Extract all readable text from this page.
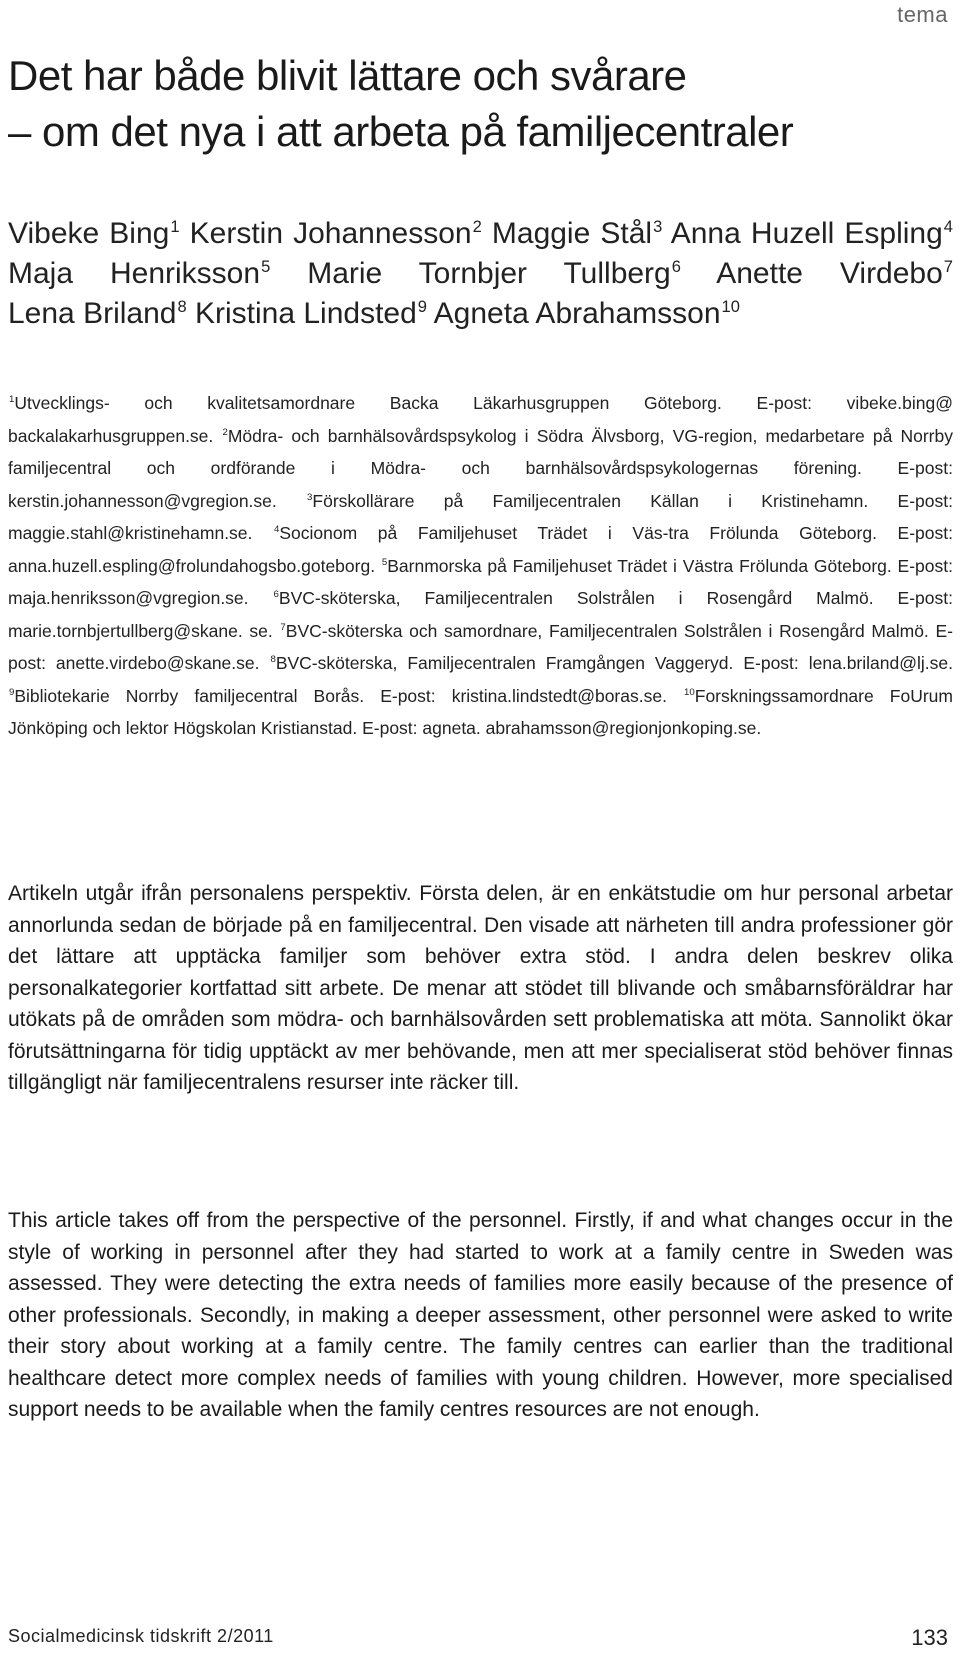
tema
Det har både blivit lättare och svårare
– om det nya i att arbeta på familjecentraler
Vibeke Bing$^1$ Kerstin Johannesson$^2$ Maggie Stål$^3$ Anna Huzell Espling$^4$ Maja Henriksson$^5$ Marie Tornbjer Tullberg$^6$ Anette Virdebo$^7$ Lena Briland$^8$ Kristina Lindsted$^9$ Agneta Abrahamsson$^{10}$
$^1$Utvecklings- och kvalitetsamordnare Backa Läkarhusgruppen Göteborg. E-post: vibeke.bing@ backalakarhusgruppen.se. $^2$Mödra- och barnhälsovårdspsykolog i Södra Älvsborg, VG-region, medarbetare på Norrby familjecentral och ordförande i Mödra- och barnhälsovårdspsykologernas förening. E-post: kerstin.johannesson@vgregion.se.	$^3$Förskollärare på Familjecentralen Källan i Kristinehamn. E-post: maggie.stahl@kristinehamn.se. $^4$Socionom på Familjehuset Trädet i Väs-tra Frölunda Göteborg. E-post: anna.huzell.espling@frolundahogsbo.goteborg. $^5$Barnmorska på Familjehuset Trädet i Västra Frölunda Göteborg. E-post: maja.henriksson@vgregion.se.	$^6$BVC-sköterska, Familjecentralen Solstrålen i Rosengård Malmö. E-post: marie.tornbjertullberg@skane. se. $^7$BVC-sköterska och samordnare, Familjecentralen Solstrålen i Rosengård Malmö. E-post: anette.virdebo@skane.se. $^8$BVC-sköterska, Familjecentralen Framgången Vaggeryd. E-post: lena.briland@lj.se. $^9$Bibliotekarie Norrby familjecentral Borås. E-post: kristina.lindstedt@boras.se. $^{10}$Forskningssamordnare FoUrum Jönköping och lektor Högskolan Kristianstad. E-post: agneta. abrahamsson@regionjonkoping.se.

Artikeln utgår ifrån personalens perspektiv. Första delen, är en enkätstudie om hur personal arbetar annorlunda sedan de började på en familjecentral. Den visade att närheten till andra professioner gör det lättare att upptäcka familjer som behöver extra stöd. I andra delen beskrev olika personalkategorier kortfattad sitt arbete. De menar att stödet till blivande och småbarnsföräldrar har utökats på de områden som mödra- och barnhälsovården sett problematiska att möta. Sannolikt ökar förutsättningarna för tidig upptäckt av mer behövande, men att mer specialiserat stöd behöver finnas tillgängligt när familjecentralens resurser inte räcker till.

This article takes off from the perspective of the personnel. Firstly, if and what changes occur in the style of working in personnel after they had started to work at a family centre in Sweden was assessed. They were detecting the extra needs of families more easily because of the presence of other professionals. Secondly, in making a deeper assessment, other personnel were asked to write their story about working at a family centre. The family centres can earlier than the traditional healthcare detect more complex needs of families with young children. However, more specialised support needs to be available when the family centres resources are not enough.

Socialmedicinsk tidskrift 2/2011	133
